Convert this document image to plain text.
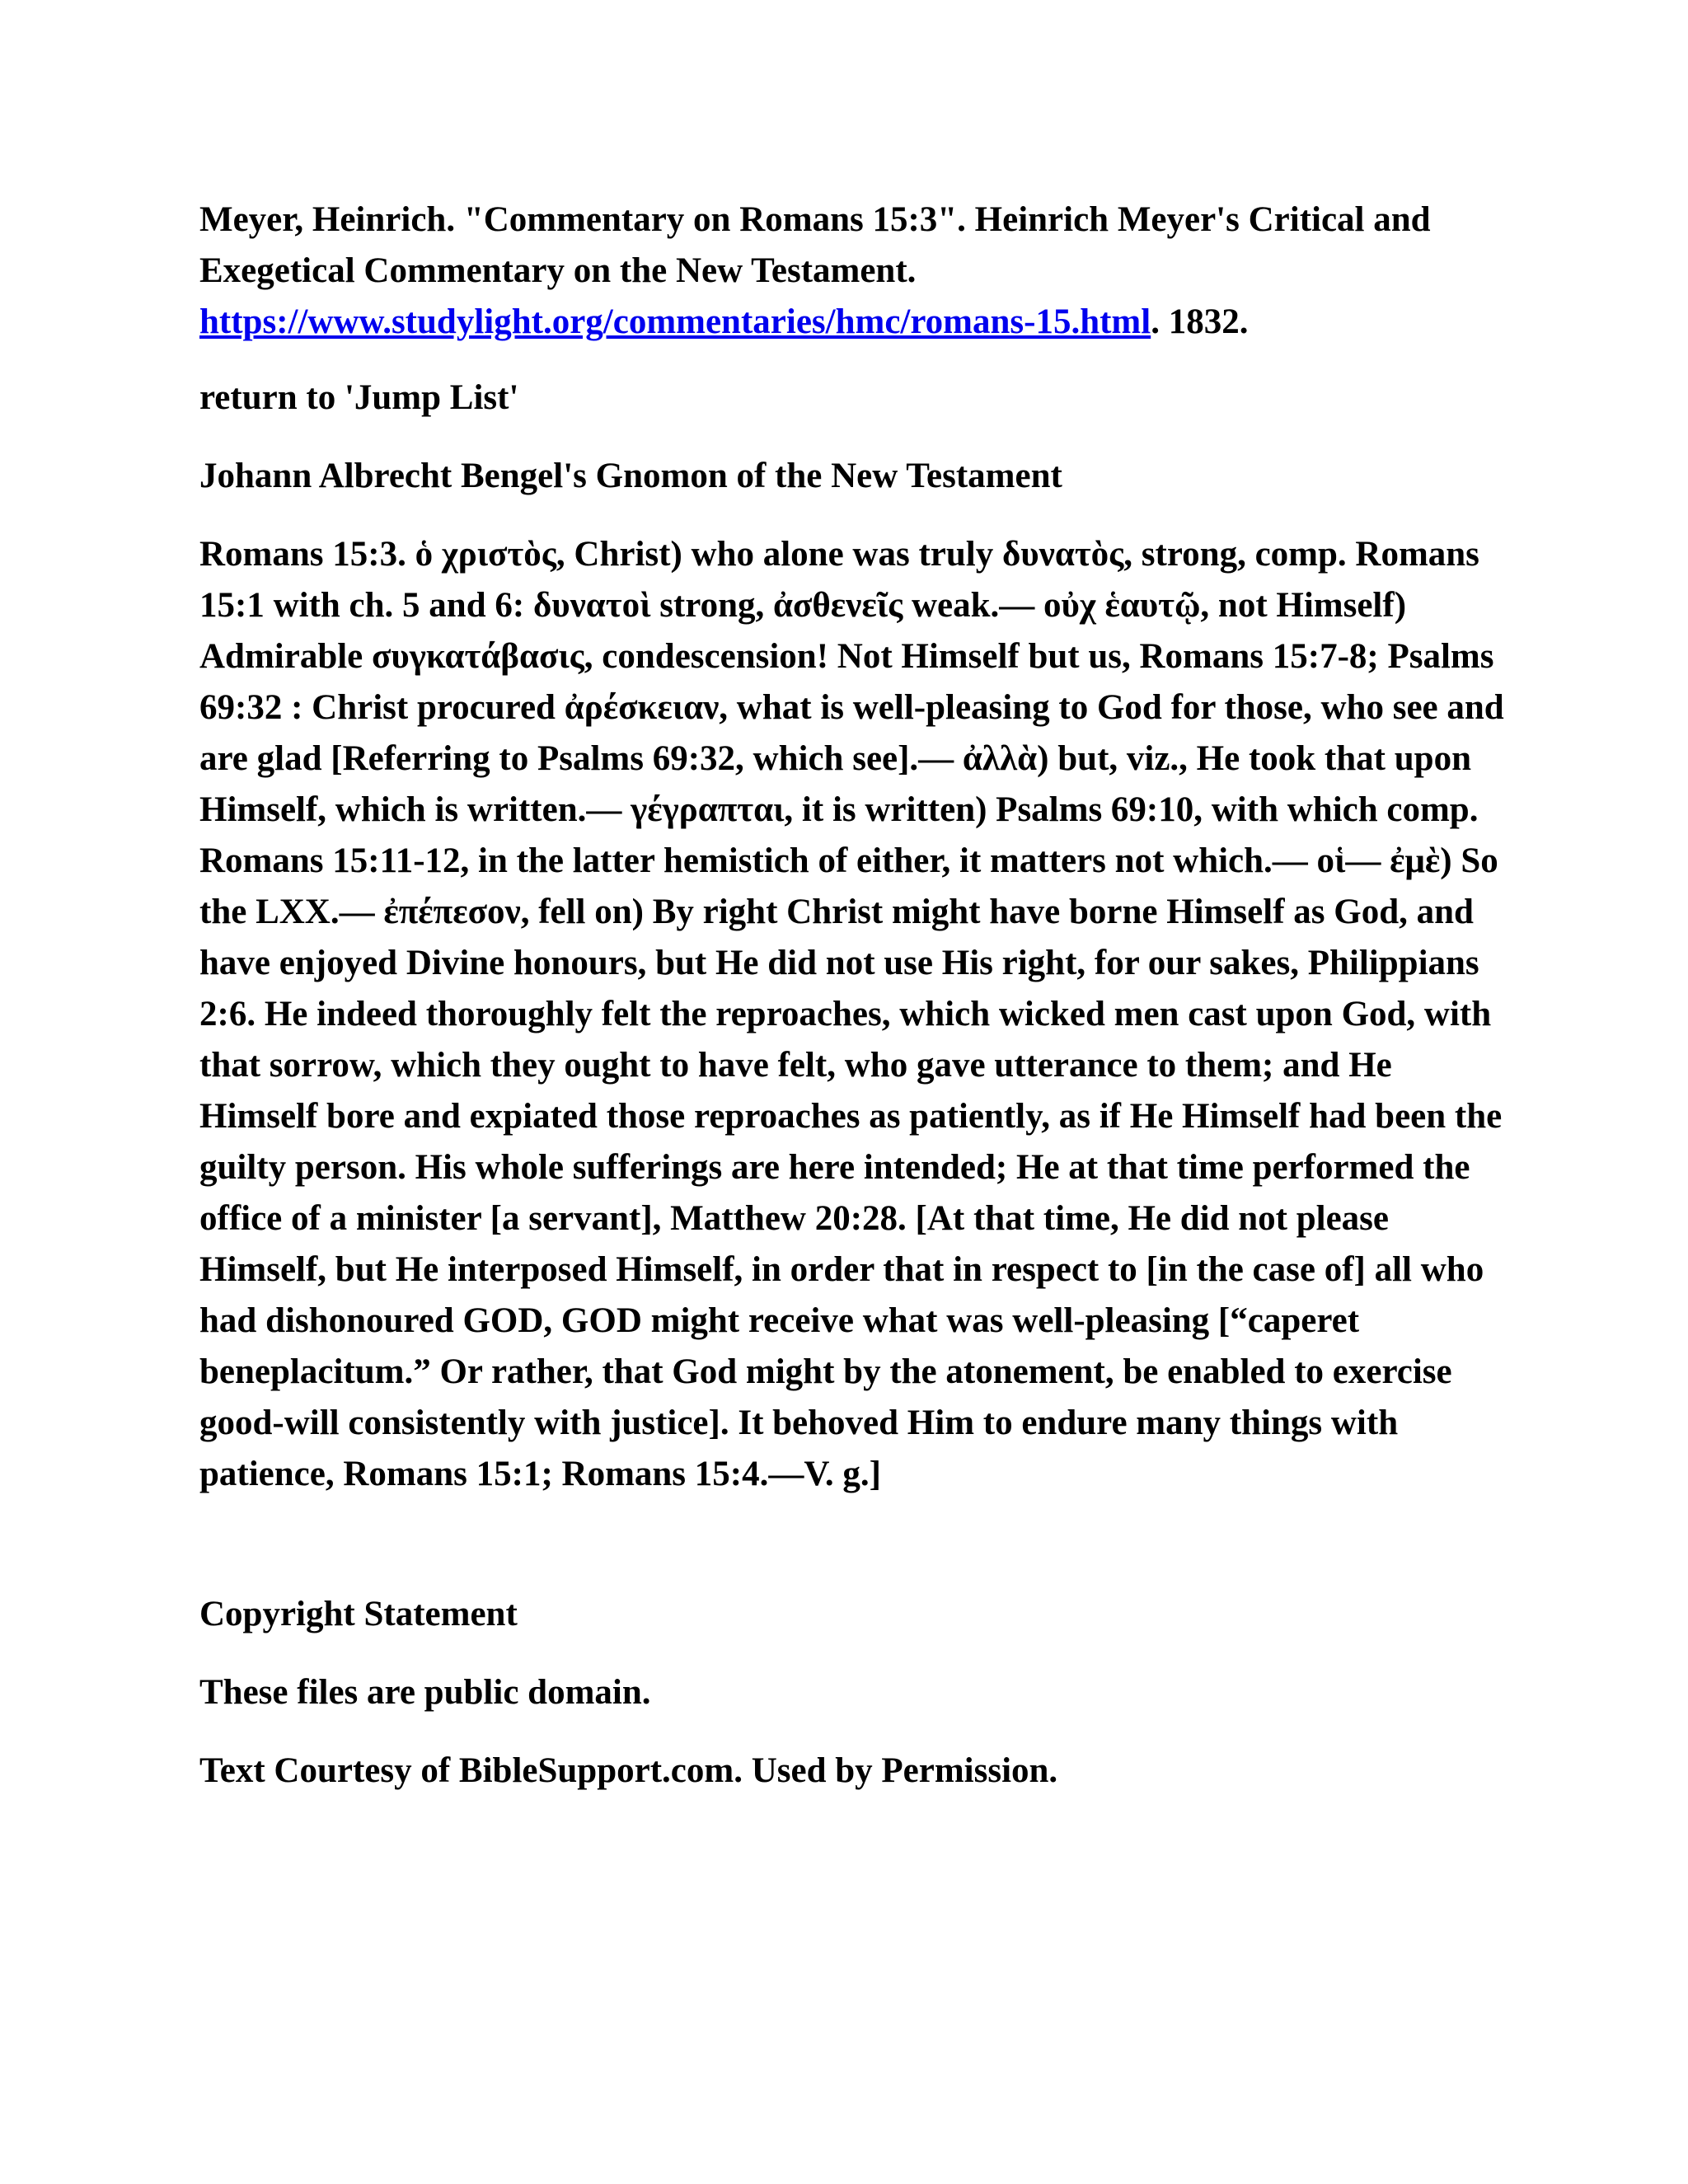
Meyer, Heinrich. "Commentary on Romans 15:3". Heinrich Meyer's Critical and Exegetical Commentary on the New Testament.
https://www.studylight.org/commentaries/hmc/romans-15.html. 1832.

return to 'Jump List'

Johann Albrecht Bengel's Gnomon of the New Testament

Romans 15:3. ὁ χριστὸς, Christ) who alone was truly δυνατὸς, strong, comp. Romans 15:1 with ch. 5 and 6: δυνατοὶ strong, ἀσθενεῖς weak.— οὐχ ἑαυτῷ, not Himself) Admirable συγκατάβασις, condescension! Not Himself but us, Romans 15:7-8; Psalms 69:32 : Christ procured ἀρέσκειαν, what is well-pleasing to God for those, who see and are glad [Referring to Psalms 69:32, which see].— ἀλλὰ) but, viz., He took that upon Himself, which is written.— γέγραπται, it is written) Psalms 69:10, with which comp. Romans 15:11-12, in the latter hemistich of either, it matters not which.— οἱ— ἐμὲ) So the LXX.— ἐπέπεσον, fell on) By right Christ might have borne Himself as God, and have enjoyed Divine honours, but He did not use His right, for our sakes, Philippians 2:6. He indeed thoroughly felt the reproaches, which wicked men cast upon God, with that sorrow, which they ought to have felt, who gave utterance to them; and He Himself bore and expiated those reproaches as patiently, as if He Himself had been the guilty person. His whole sufferings are here intended; He at that time performed the office of a minister [a servant], Matthew 20:28. [At that time, He did not please Himself, but He interposed Himself, in order that in respect to [in the case of] all who had dishonoured GOD, GOD might receive what was well-pleasing [“caperet beneplacitum.” Or rather, that God might by the atonement, be enabled to exercise good-will consistently with justice]. It behoved Him to endure many things with patience, Romans 15:1; Romans 15:4.—V. g.]

Copyright Statement

These files are public domain.

Text Courtesy of BibleSupport.com. Used by Permission.
